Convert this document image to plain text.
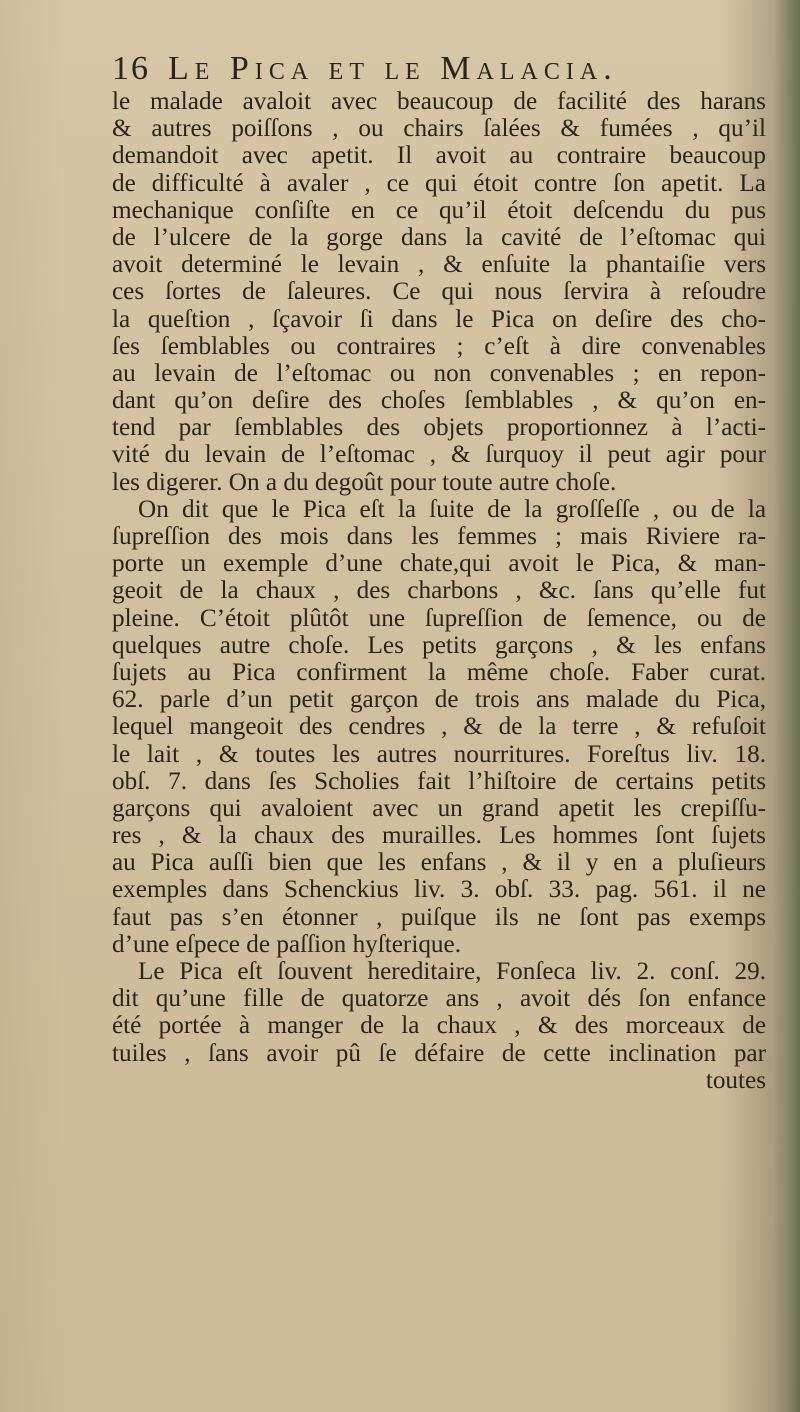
16 Le Pica et le Malacia.
le malade avaloit avec beaucoup de facilité des harans
& autres poiſſons , ou chairs ſalées & fumées , qu’il
demandoit avec apetit. Il avoit au contraire beaucoup
de difficulté à avaler , ce qui étoit contre ſon apetit. La
mechanique conſiſte en ce qu’il étoit deſcendu du pus
de l’ulcere de la gorge dans la cavité de l’eſtomac qui
avoit determiné le levain , & enſuite la phantaiſie vers
ces ſortes de ſaleures. Ce qui nous ſervira à reſoudre
la queſtion , ſçavoir ſi dans le Pica on deſire des cho-
ſes ſemblables ou contraires ; c’eſt à dire convenables
au levain de l’eſtomac ou non convenables ; en repon-
dant qu’on deſire des choſes ſemblables , & qu’on en-
tend par ſemblables des objets proportionnez à l’acti-
vité du levain de l’eſtomac , & ſurquoy il peut agir pour
les digerer. On a du degoût pour toute autre choſe.
On dit que le Pica eſt la ſuite de la groſſeſſe , ou de la
ſupreſſion des mois dans les femmes ; mais Riviere ra-
porte un exemple d’une chate,qui avoit le Pica, & man-
geoit de la chaux , des charbons , &c. ſans qu’elle fut
pleine. C’étoit plûtôt une ſupreſſion de ſemence, ou de
quelques autre choſe. Les petits garçons , & les enfans
ſujets au Pica confirment la même choſe. Faber curat.
62. parle d’un petit garçon de trois ans malade du Pica,
lequel mangeoit des cendres , & de la terre , & refuſoit
le lait , & toutes les autres nourritures. Foreſtus liv. 18.
obſ. 7. dans ſes Scholies fait l’hiſtoire de certains petits
garçons qui avaloient avec un grand apetit les crepiſſu-
res , & la chaux des murailles. Les hommes ſont ſujets
au Pica auſſi bien que les enfans , & il y en a pluſieurs
exemples dans Schenckius liv. 3. obſ. 33. pag. 561. il ne
faut pas s’en étonner , puiſque ils ne ſont pas exemps
d’une eſpece de paſſion hyſterique.
Le Pica eſt ſouvent hereditaire, Fonſeca liv. 2. conſ. 29.
dit qu’une fille de quatorze ans , avoit dés ſon enfance
été portée à manger de la chaux , & des morceaux de
tuiles , ſans avoir pû ſe défaire de cette inclination par
toutes
